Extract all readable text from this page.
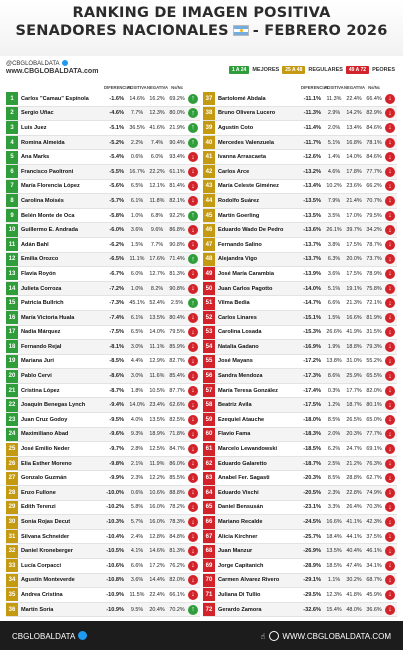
RANKING DE IMAGEN POSITIVA
SENADORES NACIONALES - FEBRERO 2026
@CBGLOBALDATA
www.CBGLOBALDATA.com	1 A 24	MEJORES	25 A 48	REGULARES	49 A 72	PEORES
DIFERENCIAL
POSITIVA NEGATIVA Ns/Nc
1	Carlos "Camau" Espínola	-1.6% 14.6% 16.2% 69.2% ↑
2	Sergio Uñac	-4.6%	7.7%	12.3% 80.0% ↑
3	Luis Juez	-5.1% 36.5% 41.6% 21.9% ↑
4	Romina Almeida	-5.2%	2.2%	7.4%	90.4% ↑
5	Ana Marks	-5.4%	0.6%	6.0%	93.4% ↓
6	Francisco Paoltroni	-5.5% 16.7% 22.2% 61.1% ↓
7	María Florencia López	-5.6%	6.5%	12.1% 81.4% ↓
8	Carolina Moisés	-5.7%	6.1%	11.8% 82.1% ↓
9	Belén Monte de Oca	-5.8%	1.0%	6.8%	92.2% ↑
10	Guillermo E. Andrada	-6.0%	3.6%	9.6%	86.8% ↓
11	Adán Bahl	-6.2%	1.5%	7.7%	90.8% ↓
12	Emilia Orozco	-6.5%	11.1% 17.6% 71.4% ↑
13	Flavia Royón	-6.7%	6.0%	12.7% 81.3% ↓
14	Julieta Corroza	-7.2%	1.0%	8.2%	90.8% ↓
15	Patricia Bullrich	-7.3% 45.1% 52.4%	2.5%	↑
16	María Victoria Huala	-7.4%	6.1%	13.5% 80.4% ↓
17	Nadia Márquez	-7.5%	6.5%	14.0% 79.5% ↓
18	Fernando Rejal	-8.1%	3.0%	11.1% 85.9% ↓
19	Mariana Juri	-8.5%	4.4%	12.9% 82.7% ↓
20	Pablo Cervi	-8.6%	3.0%	11.6% 85.4% ↓
21	Cristina López	-8.7%	1.8%	10.5% 87.7% ↓
22	Joaquín Benegas Lynch	-9.4% 14.0% 23.4% 62.6% ↓
23	Juan Cruz Godoy	-9.5%	4.0%	13.5% 82.5% ↓
24	Maximiliano Abad	-9.6%	9.3%	18.9% 71.8% ↓
25	José Emilio Neder	-9.7%	2.8%	12.5% 84.7% ↓
26	Elia Esther Moreno	-9.8%	2.1%	11.9% 86.0% ↓
27	Gonzalo Guzmán	-9.9%	2.3%	12.2% 85.5% ↓
28	Enzo Fullone	-10.0%	0.6%	10.6% 88.8% ↓
29	Edith Terenzi	-10.2%	5.8%	16.0% 78.2% ↓
30	Sonia Rojas Decut	-10.3%	5.7%	16.0% 78.3% ↓
31	Silvana Schneider	-10.4%	2.4%	12.8% 84.8% ↓
32	Daniel Kroneberger	-10.5%	4.1%	14.6% 81.3% ↓
33	Lucía Corpacci	-10.6%	6.6%	17.2% 76.2% ↓
34	Agustín Monteverde	-10.8%	3.6%	14.4% 82.0% ↓
35	Andrea Cristina	-10.9%	11.5% 22.4% 66.1% ↓
36	Martín Soria	-10.9%	9.5%	20.4% 70.2% ↑
DIFERENCIAL
POSITIVA NEGATIVA Ns/Nc
37	Bartolomé Abdala	-11.1%	11.3% 22.4% 66.4% ↓
38	Bruno Olivera Lucero	-11.3%	2.9%	14.2% 82.9% ↓
39	Agustín Coto	-11.4%	2.0%	13.4% 84.6% ↓
40	Mercedes Valenzuela	-11.7%	5.1%	16.8% 78.1% ↓
41	Ivanna Arrascaeta	-12.6%	1.4%	14.0% 84.6% ↓
42	Carlos Arce	-13.2%	4.6%	17.8% 77.7% ↓
43	María Celeste Giménez	-13.4% 10.2% 23.6% 66.2% ↓
44	Rodolfo Suárez	-13.5%	7.9%	21.4% 70.7% ↓
45	Martín Goerling	-13.5%	3.5%	17.0% 79.5% ↓
46	Eduardo Wado De Pedro	-13.6% 26.1% 39.7% 34.2% ↓
47	Fernando Salino	-13.7%	3.8%	17.5% 78.7% ↓
48	Alejandra Vigo	-13.7%	6.3%	20.0% 73.7% ↓
49	José María Carambia	-13.9%	3.6%	17.5% 78.9% ↓
50	Juan Carlos Pagotto	-14.0%	5.1%	19.1% 75.8% ↓
51	Vilma Bedia	-14.7%	6.6%	21.3% 72.1% ↓
52	Carlos Linares	-15.1%	1.5%	16.6% 81.9% ↓
53	Carolina Losada	-15.3% 26.6% 41.9% 31.5% ↓
54	Natalia Gadano	-16.9%	1.9%	18.8% 79.3% ↓
55	José Mayans	-17.2% 13.8% 31.0% 55.2% ↓
56	Sandra Mendoza	-17.3%	8.6%	25.9% 65.5% ↓
57	María Teresa González	-17.4%	0.3%	17.7% 82.0% ↓
58	Beatriz Ávila	-17.5%	1.2%	18.7% 80.1% ↓
59	Ezequiel Atauche	-18.0%	8.5%	26.5% 65.0% ↓
60	Flavio Fama	-18.3%	2.0%	20.3% 77.7% ↓
61	Marcelo Lewandowski	-18.5%	6.2%	24.7% 69.1% ↓
62	Eduardo Galaretto	-18.7%	2.5%	21.2% 76.3% ↓
63	Anabel Fer. Sagasti	-20.3%	8.5%	28.8% 62.7% ↓
64	Eduardo Vischi	-20.5%	2.3%	22.8% 74.9% ↓
65	Daniel Bensusán	-23.1%	3.3%	26.4% 70.3% ↓
66	Mariano Recalde	-24.5% 16.6% 41.1% 42.3% ↓
67	Alicia Kirchner	-25.7% 18.4% 44.1% 37.5% ↓
68	Juan Manzur	-26.9% 13.5% 40.4% 46.1% ↓
69	Jorge Capitanich	-28.9% 18.5% 47.4% 34.1% ↓
70	Carmen Álvarez Rivero	-29.1%	1.1%	30.2% 68.7% ↓
71	Juliana Di Tullio	-29.5% 12.3% 41.8% 45.9% ↓
72	Gerardo Zamora	-32.6% 15.4% 48.0% 36.6% ↓
CBGLOBALDATA	☝ WWW.CBGLOBALDATA.COM
